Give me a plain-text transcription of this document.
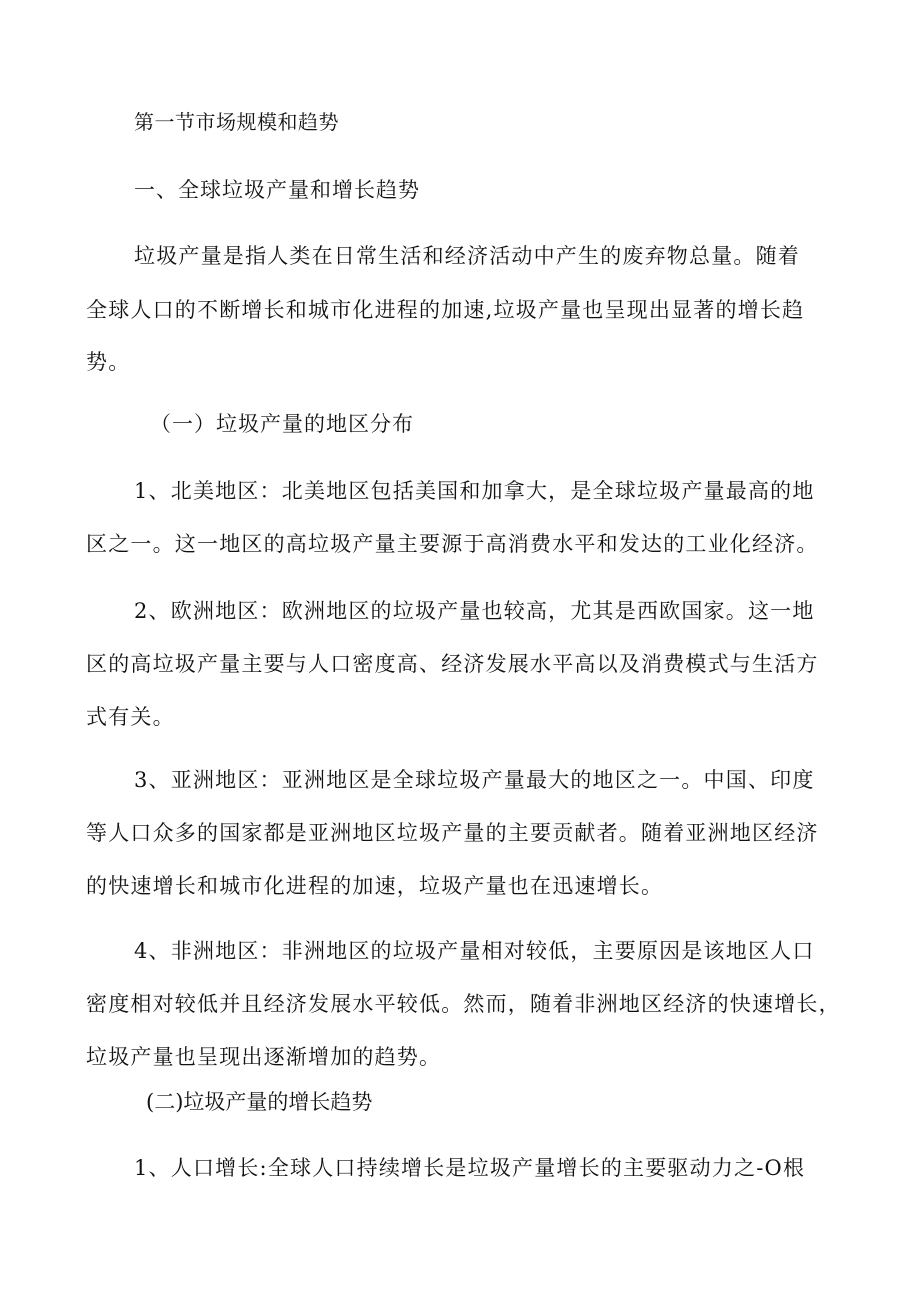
第一节市场规模和趋势
一、全球垃圾产量和增长趋势
垃圾产量是指人类在日常生活和经济活动中产生的废弃物总量。随着
全球人口的不断增长和城市化进程的加速,垃圾产量也呈现出显著的增长趋
势。
（一）垃圾产量的地区分布
1、北美地区：北美地区包括美国和加拿大，是全球垃圾产量最高的地
区之一。这一地区的高垃圾产量主要源于高消费水平和发达的工业化经济。
2、欧洲地区：欧洲地区的垃圾产量也较高，尤其是西欧国家。这一地
区的高垃圾产量主要与人口密度高、经济发展水平高以及消费模式与生活方
式有关。
3、亚洲地区：亚洲地区是全球垃圾产量最大的地区之一。中国、印度
等人口众多的国家都是亚洲地区垃圾产量的主要贡献者。随着亚洲地区经济
的快速增长和城市化进程的加速，垃圾产量也在迅速增长。
4、非洲地区：非洲地区的垃圾产量相对较低，主要原因是该地区人口
密度相对较低并且经济发展水平较低。然而，随着非洲地区经济的快速增长，
垃圾产量也呈现出逐渐增加的趋势。
(二)垃圾产量的增长趋势
1、人口增长:全球人口持续增长是垃圾产量增长的主要驱动力之-O根
